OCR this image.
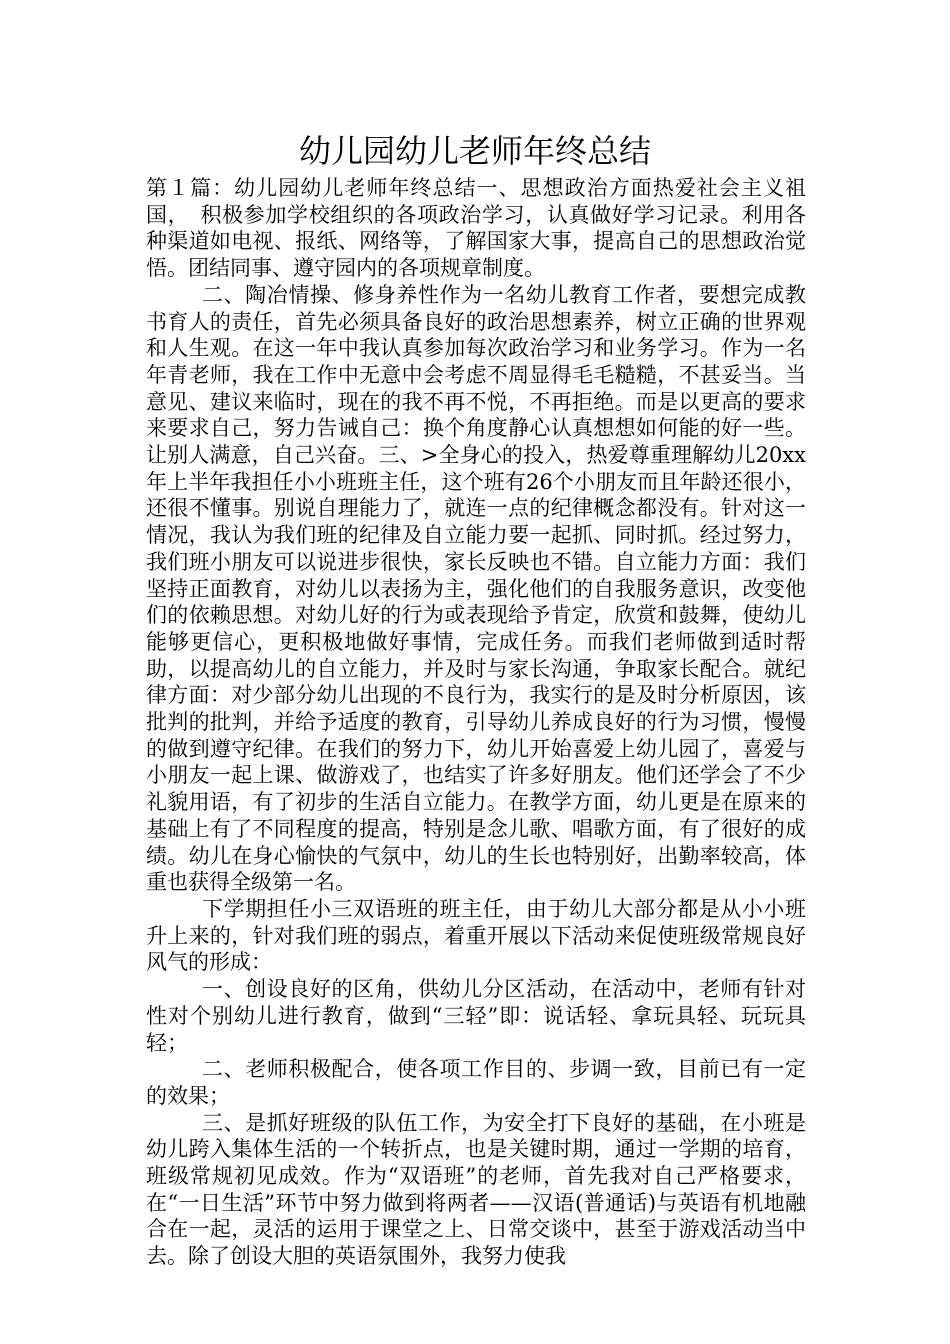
幼儿园幼儿老师年终总结

第１篇：幼儿园幼儿老师年终总结一、思想政治方面热爱社会主义祖国，　积极参加学校组织的各项政治学习，认真做好学习记录。利用各种渠道如电视、报纸、网络等，了解国家大事，提高自己的思想政治觉悟。团结同事、遵守园内的各项规章制度。

二、陶冶情操、修身养性作为一名幼儿教育工作者，要想完成教书育人的责任，首先必须具备良好的政治思想素养，树立正确的世界观和人生观。在这一年中我认真参加每次政治学习和业务学习。作为一名年青老师，我在工作中无意中会考虑不周显得毛毛糙糙，不甚妥当。当意见、建议来临时，现在的我不再不悦，不再拒绝。而是以更高的要求来要求自己，努力告诫自己：换个角度静心认真想想如何能的好一些。让别人满意，自己兴奋。三、>全身心的投入，热爱尊重理解幼儿20xx年上半年我担任小小班班主任，这个班有26个小朋友而且年龄还很小，还很不懂事。别说自理能力了，就连一点的纪律概念都没有。针对这一情况，我认为我们班的纪律及自立能力要一起抓、同时抓。经过努力，我们班小朋友可以说进步很快，家长反映也不错。自立能力方面：我们坚持正面教育，对幼儿以表扬为主，强化他们的自我服务意识，改变他们的依赖思想。对幼儿好的行为或表现给予肯定，欣赏和鼓舞，使幼儿能够更信心，更积极地做好事情，完成任务。而我们老师做到适时帮助，以提高幼儿的自立能力，并及时与家长沟通，争取家长配合。就纪律方面：对少部分幼儿出现的不良行为，我实行的是及时分析原因，该批判的批判，并给予适度的教育，引导幼儿养成良好的行为习惯，慢慢的做到遵守纪律。在我们的努力下，幼儿开始喜爱上幼儿园了，喜爱与小朋友一起上课、做游戏了，也结实了许多好朋友。他们还学会了不少礼貌用语，有了初步的生活自立能力。在教学方面，幼儿更是在原来的基础上有了不同程度的提高，特别是念儿歌、唱歌方面，有了很好的成绩。幼儿在身心愉快的气氛中，幼儿的生长也特别好，出勤率较高，体重也获得全级第一名。

下学期担任小三双语班的班主任，由于幼儿大部分都是从小小班升上来的，针对我们班的弱点，着重开展以下活动来促使班级常规良好风气的形成：

一、创设良好的区角，供幼儿分区活动，在活动中，老师有针对性对个别幼儿进行教育，做到“三轻”即：说话轻、拿玩具轻、玩玩具轻；

二、老师积极配合，使各项工作目的、步调一致，目前已有一定的效果；

三、是抓好班级的队伍工作，为安全打下良好的基础，在小班是幼儿跨入集体生活的一个转折点，也是关键时期，通过一学期的培育，班级常规初见成效。作为“双语班”的老师，首先我对自己严格要求，在“一日生活”环节中努力做到将两者——汉语(普通话)与英语有机地融合在一起，灵活的运用于课堂之上、日常交谈中，甚至于游戏活动当中去。除了创设大胆的英语氛围外，我努力使我
